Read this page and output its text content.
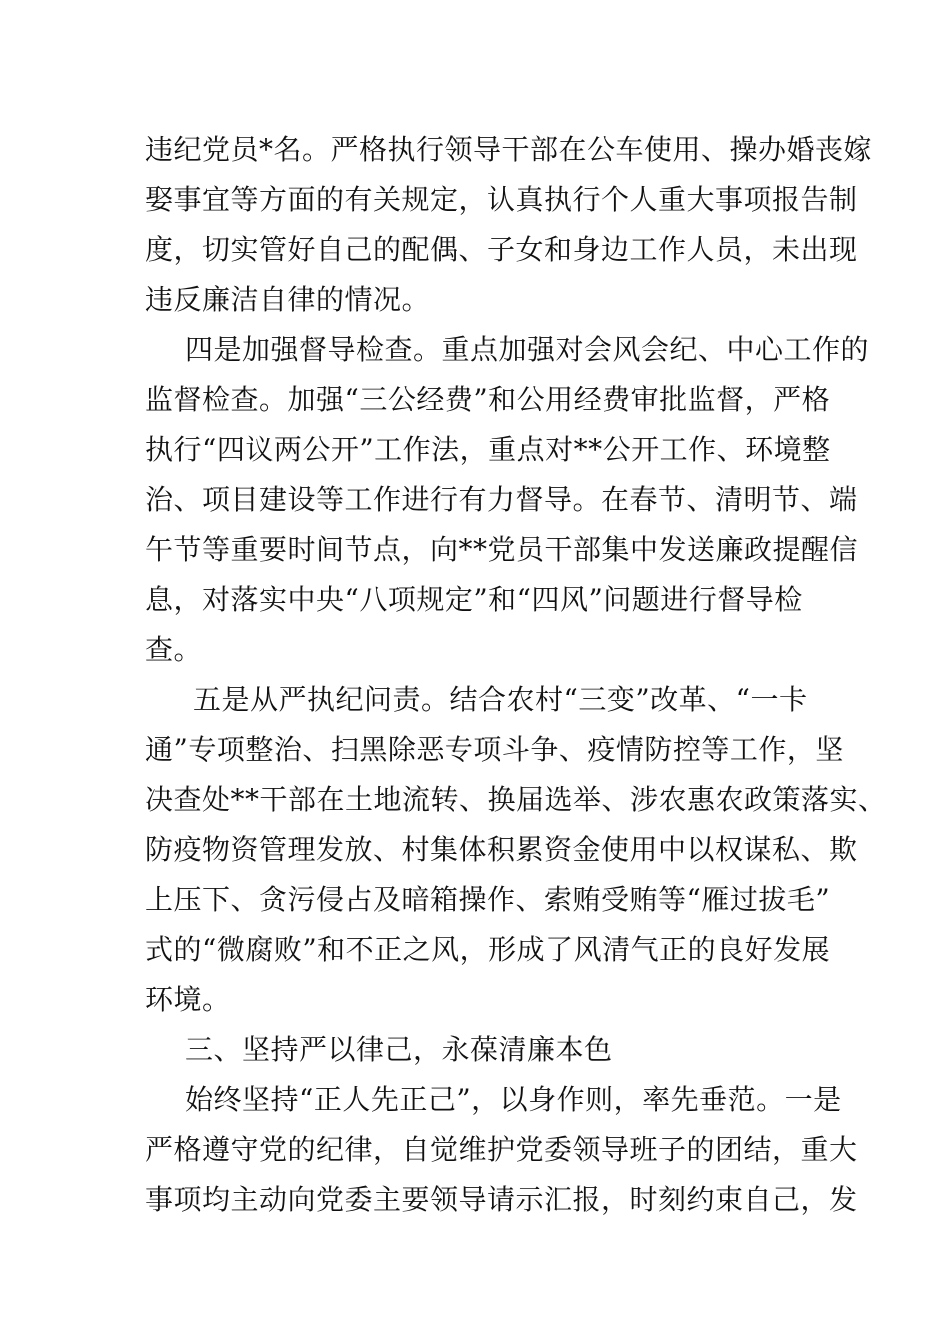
违纪党员*名。严格执行领导干部在公车使用、操办婚丧嫁
娶事宜等方面的有关规定，认真执行个人重大事项报告制
度，切实管好自己的配偶、子女和身边工作人员，未出现
违反廉洁自律的情况。
四是加强督导检查。重点加强对会风会纪、中心工作的
监督检查。加强“三公经费”和公用经费审批监督，严格
执行“四议两公开”工作法，重点对**公开工作、环境整
治、项目建设等工作进行有力督导。在春节、清明节、端
午节等重要时间节点，向**党员干部集中发送廉政提醒信
息，对落实中央“八项规定”和“四风”问题进行督导检
查。
五是从严执纪问责。结合农村“三变”改革、“一卡
通”专项整治、扫黑除恶专项斗争、疫情防控等工作，坚
决查处**干部在土地流转、换届选举、涉农惠农政策落实、
防疫物资管理发放、村集体积累资金使用中以权谋私、欺
上压下、贪污侵占及暗箱操作、索贿受贿等“雁过拔毛”
式的“微腐败”和不正之风，形成了风清气正的良好发展
环境。
三、坚持严以律己，永葆清廉本色
始终坚持“正人先正己”，以身作则，率先垂范。一是
严格遵守党的纪律，自觉维护党委领导班子的团结，重大
事项均主动向党委主要领导请示汇报，时刻约束自己，发
